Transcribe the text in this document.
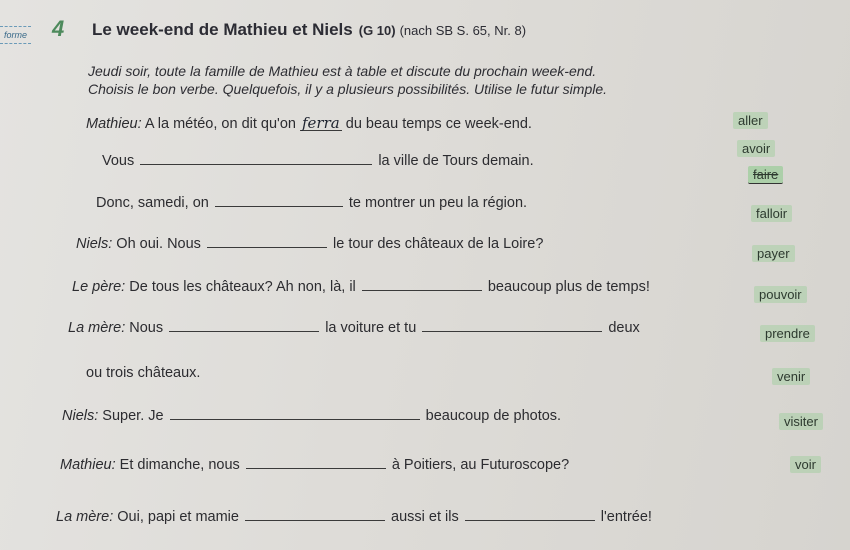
forme 4 Le week-end de Mathieu et Niels (G 10) (nach SB S. 65, Nr. 8)
Jeudi soir, toute la famille de Mathieu est à table et discute du prochain week-end.
Choisis le bon verbe. Quelquefois, il y a plusieurs possibilités. Utilise le futur simple.
Mathieu: A la météo, on dit qu'on ferra du beau temps ce week-end.
Vous	la ville de Tours demain.
Donc, samedi, on	te montrer un peu la région.
Niels: Oh oui. Nous	le tour des châteaux de la Loire?
Le père: De tous les châteaux? Ah non, là, il	beaucoup plus de temps!
La mère: Nous	la voiture et tu	deux
ou trois châteaux.
Niels: Super. Je	beaucoup de photos.
Mathieu: Et dimanche, nous	à Poitiers, au Futuroscope?
La mère: Oui, papi et mamie	aussi et ils	l'entrée!
aller
avoir
faire
falloir
payer
pouvoir
prendre
venir
visiter
voir
